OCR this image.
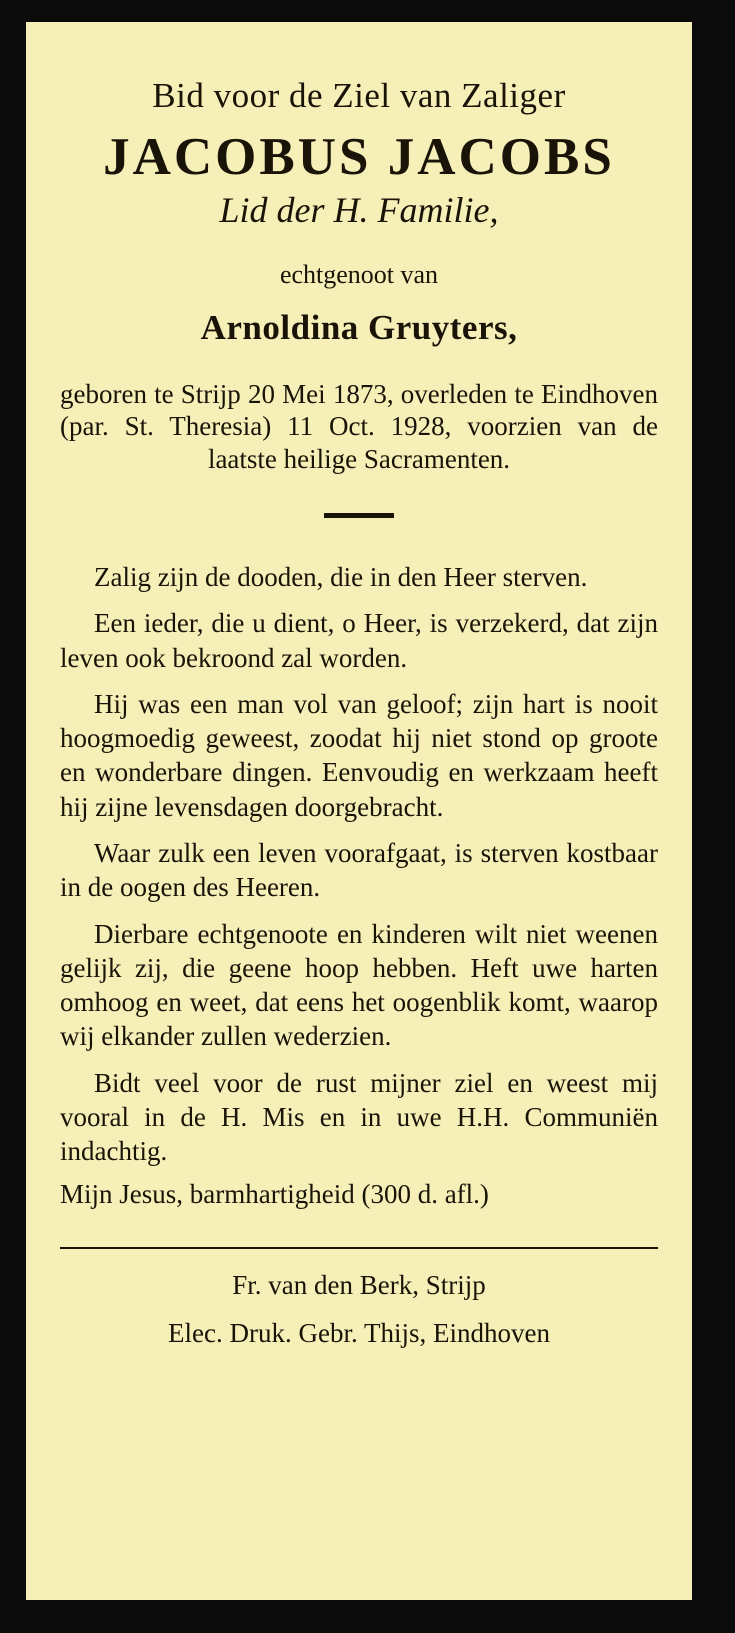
Bid voor de Ziel van Zaliger

JACOBUS JACOBS

Lid der H. Familie,

echtgenoot van

Arnoldina Gruyters,

geboren te Strijp 20 Mei 1873, overleden te Eindhoven (par. St. Theresia) 11 Oct. 1928, voorzien van de laatste heilige Sacramenten.

Zalig zijn de dooden, die in den Heer sterven.

Een ieder, die u dient, o Heer, is verzekerd, dat zijn leven ook bekroond zal worden.

Hij was een man vol van geloof; zijn hart is nooit hoogmoedig geweest, zoodat hij niet stond op groote en wonderbare dingen. Eenvoudig en werkzaam heeft hij zijne levensdagen doorgebracht.

Waar zulk een leven voorafgaat, is sterven kostbaar in de oogen des Heeren.

Dierbare echtgenoote en kinderen wilt niet weenen gelijk zij, die geene hoop hebben. Heft uwe harten omhoog en weet, dat eens het oogenblik komt, waarop wij elkander zullen wederzien.

Bidt veel voor de rust mijner ziel en weest mij vooral in de H. Mis en in uwe H.H. Communiën indachtig.

Mijn Jesus, barmhartigheid (300 d. afl.)

Fr. van den Berk, Strijp

Elec. Druk. Gebr. Thijs, Eindhoven
